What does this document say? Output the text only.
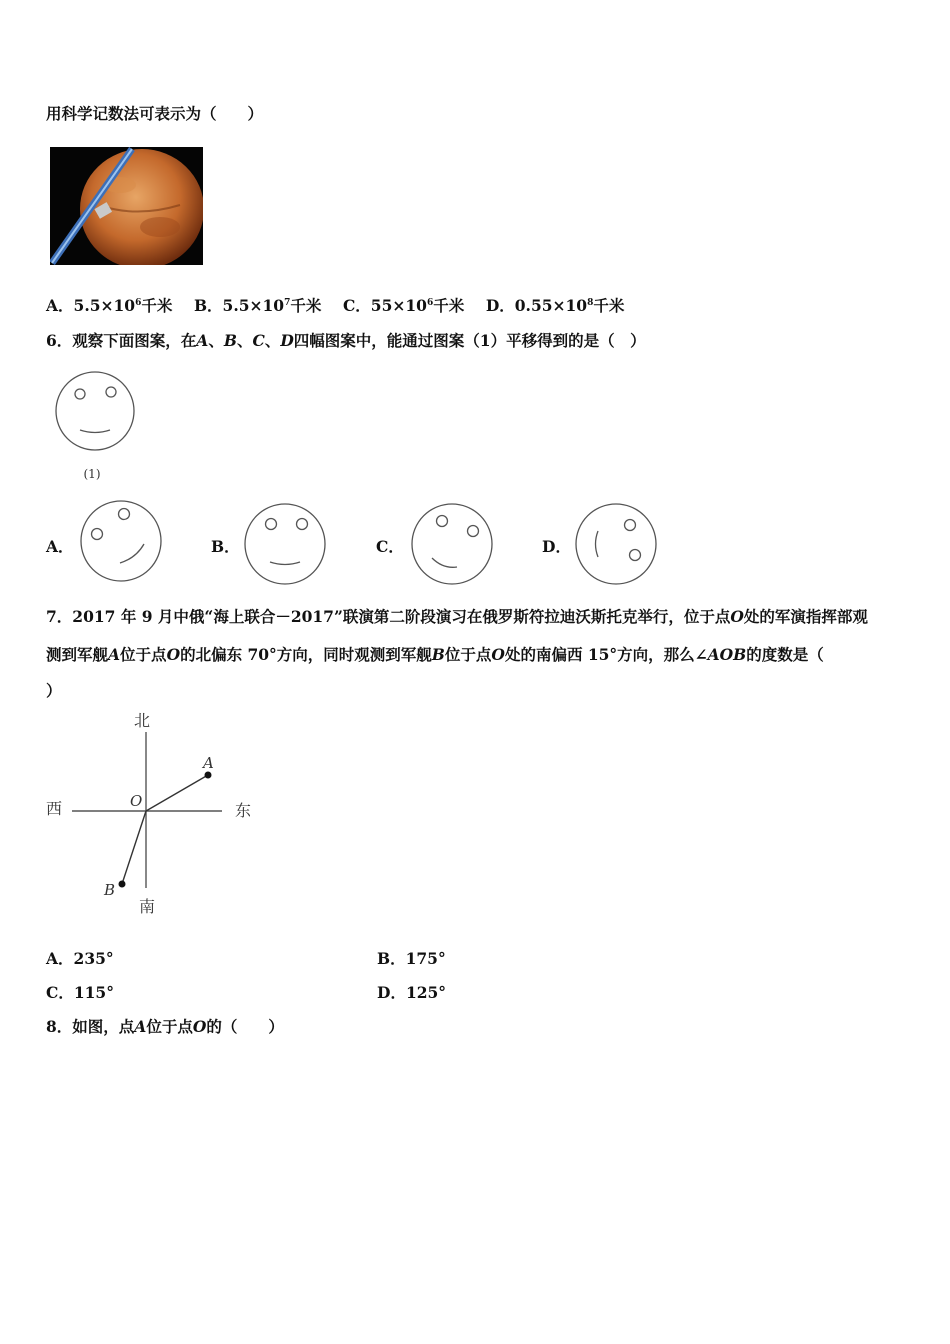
用科学记数法可表示为（　　）
A．$5.5\times 10^6$千米 B．$5.5\times 10^7$千米 C．$55\times 10^6$千米 D．$0.55\times 10^8$千米
6．观察下面图案，在A、B、C、D四幅图案中，能通过图案（1）平移得到的是（　）
(1)
A．	B．	C．	D．
7．2017 年 9 月中俄“海上联合－2017”联演第二阶段演习在俄罗斯符拉迪沃斯托克举行，位于点O处的军演指挥部观
测到军舰A位于点O的北偏东 70°方向，同时观测到军舰B位于点O处的南偏西 15°方向，那么∠AOB的度数是（
）
北
南
东
西	O
A
B
A．235°	B．175°
C．115°	D．125°
8．如图，点A位于点O的（　　）
